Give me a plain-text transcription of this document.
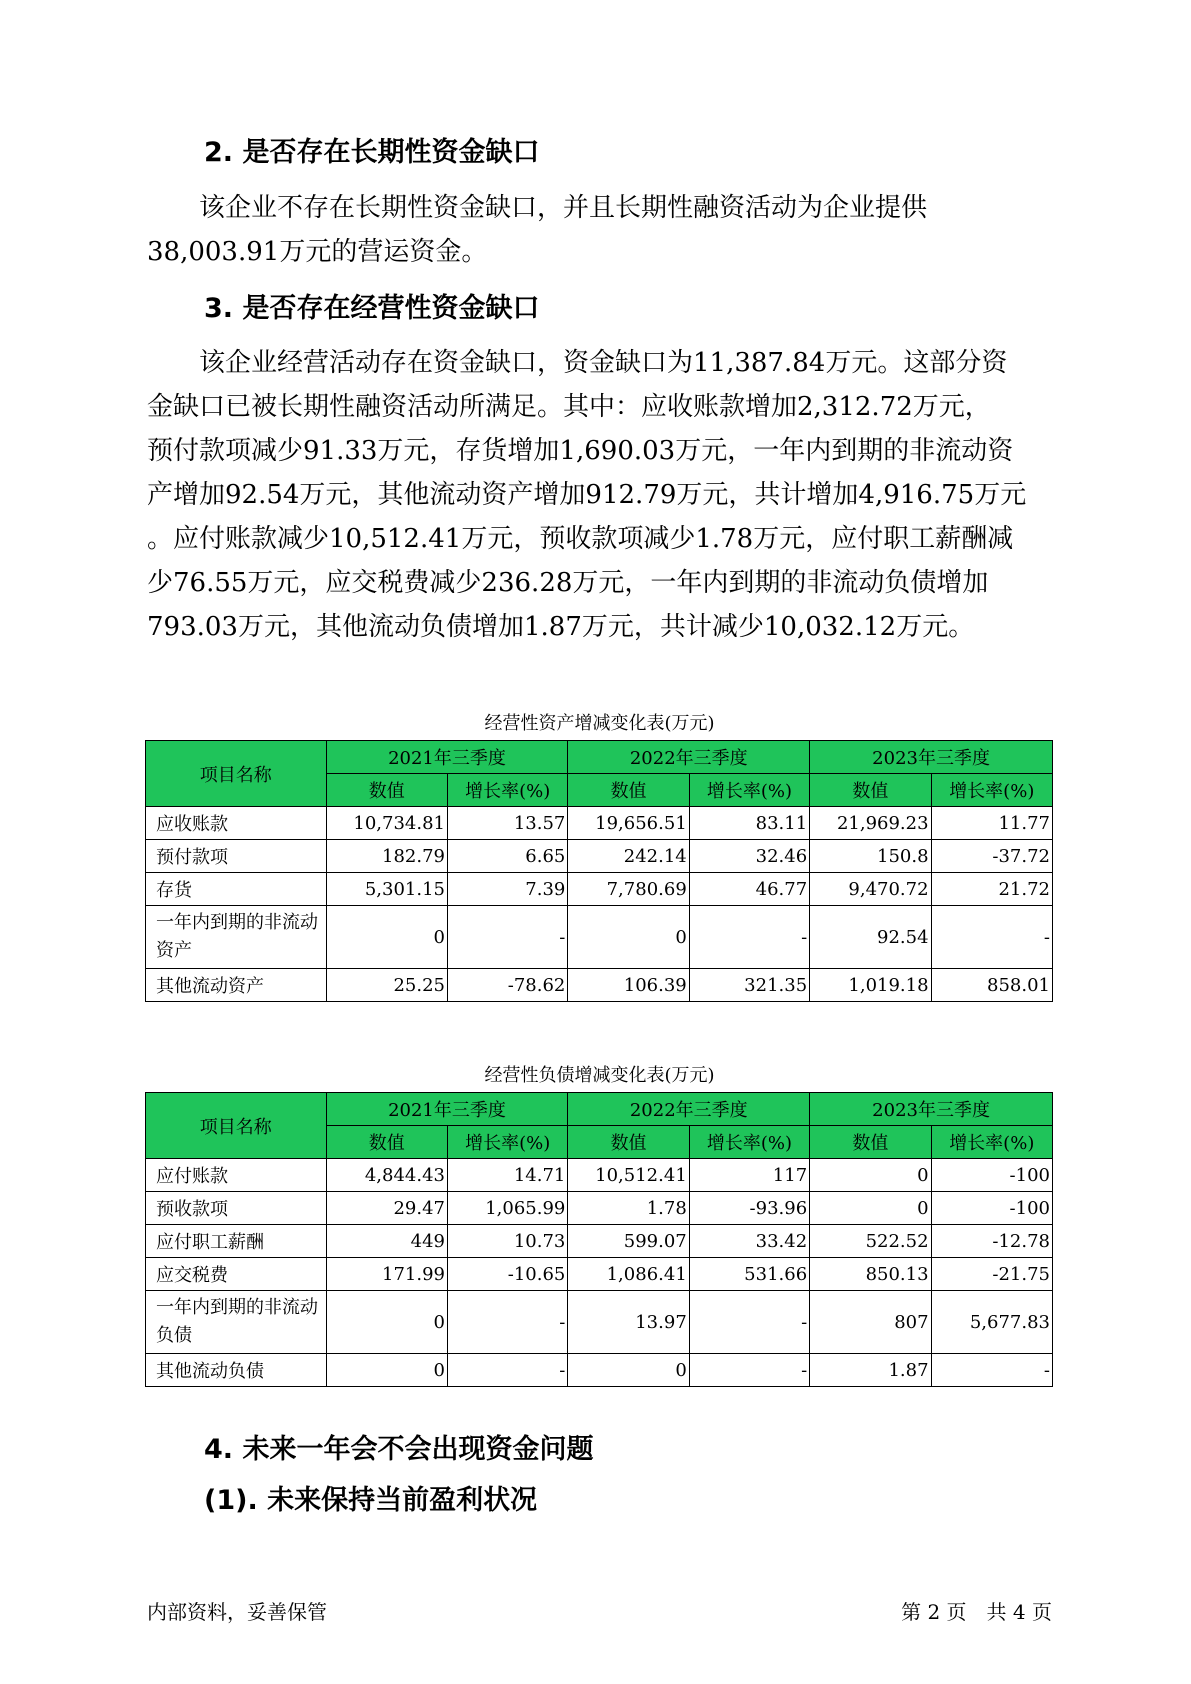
2. 是否存在长期性资金缺口

　　该企业不存在长期性资金缺口，并且长期性融资活动为企业提供

38,003.91万元的营运资金。

3. 是否存在经营性资金缺口

　　该企业经营活动存在资金缺口，资金缺口为11,387.84万元。这部分资

金缺口已被长期性融资活动所满足。其中：应收账款增加2,312.72万元，

预付款项减少91.33万元，存货增加1,690.03万元，一年内到期的非流动资

产增加92.54万元，其他流动资产增加912.79万元，共计增加4,916.75万元

。应付账款减少10,512.41万元，预收款项减少1.78万元，应付职工薪酬减

少76.55万元，应交税费减少236.28万元，一年内到期的非流动负债增加

793.03万元，其他流动负债增加1.87万元，共计减少10,032.12万元。

经营性资产增减变化表(万元)
项目名称	2021年三季度		2022年三季度		2023年三季度	
	数值	增长率(%)	数值	增长率(%)	数值	增长率(%)
应收账款	10,734.81	13.57	19,656.51	83.11	21,969.23	11.77
预付款项	182.79	6.65	242.14	32.46	150.8	-37.72
存货	5,301.15	7.39	7,780.69	46.77	9,470.72	21.72
一年内到期的非流动资产	0	-	0	-	92.54	-
其他流动资产	25.25	-78.62	106.39	321.35	1,019.18	858.01
经营性负债增减变化表(万元)
项目名称	2021年三季度		2022年三季度		2023年三季度	
	数值	增长率(%)	数值	增长率(%)	数值	增长率(%)
应付账款	4,844.43	14.71	10,512.41	117	0	-100
预收款项	29.47	1,065.99	1.78	-93.96	0	-100
应付职工薪酬	449	10.73	599.07	33.42	522.52	-12.78
应交税费	171.99	-10.65	1,086.41	531.66	850.13	-21.75
一年内到期的非流动负债	0	-	13.97	-	807	5,677.83
其他流动负债	0	-	0	-	1.87	-
4. 未来一年会不会出现资金问题
(1). 未来保持当前盈利状况
内部资料，妥善保管	第 2 页　共 4 页
